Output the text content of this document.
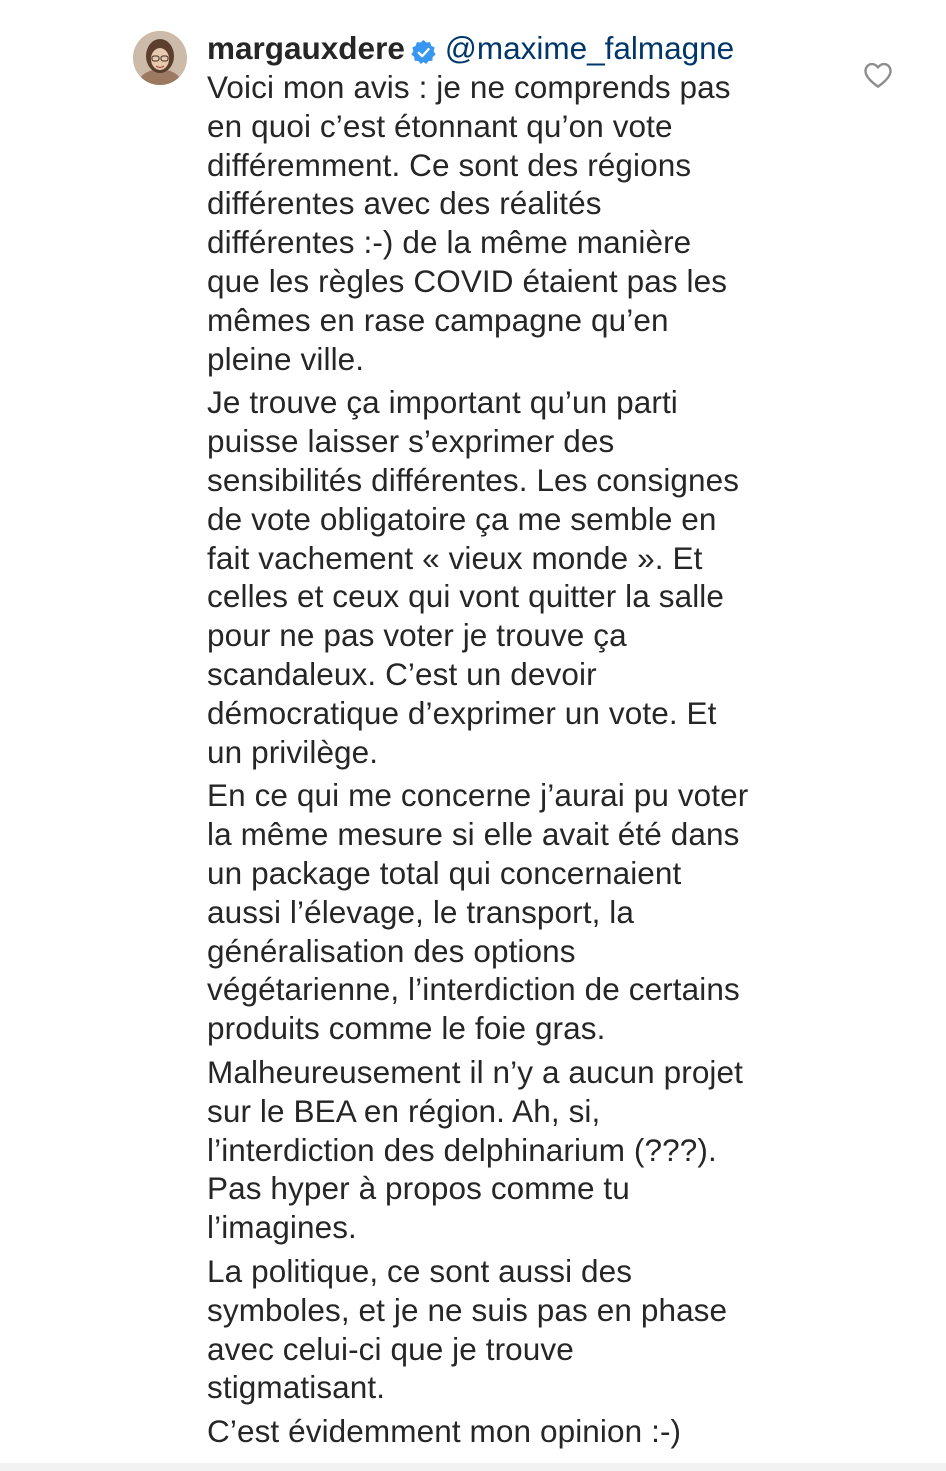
margauxdere @maxime_falmagne
Voici mon avis : je ne comprends pas
en quoi c’est étonnant qu’on vote
différemment. Ce sont des régions
différentes avec des réalités
différentes :-) de la même manière
que les règles COVID étaient pas les
mêmes en rase campagne qu’en
pleine ville.
Je trouve ça important qu’un parti
puisse laisser s’exprimer des
sensibilités différentes. Les consignes
de vote obligatoire ça me semble en
fait vachement « vieux monde ». Et
celles et ceux qui vont quitter la salle
pour ne pas voter je trouve ça
scandaleux. C’est un devoir
démocratique d’exprimer un vote. Et
un privilège.
En ce qui me concerne j’aurai pu voter
la même mesure si elle avait été dans
un package total qui concernaient
aussi l’élevage, le transport, la
généralisation des options
végétarienne, l’interdiction de certains
produits comme le foie gras.
Malheureusement il n’y a aucun projet
sur le BEA en région. Ah, si,
l’interdiction des delphinarium (???).
Pas hyper à propos comme tu
l’imagines.
La politique, ce sont aussi des
symboles, et je ne suis pas en phase
avec celui-ci que je trouve
stigmatisant.
C’est évidemment mon opinion :-)
